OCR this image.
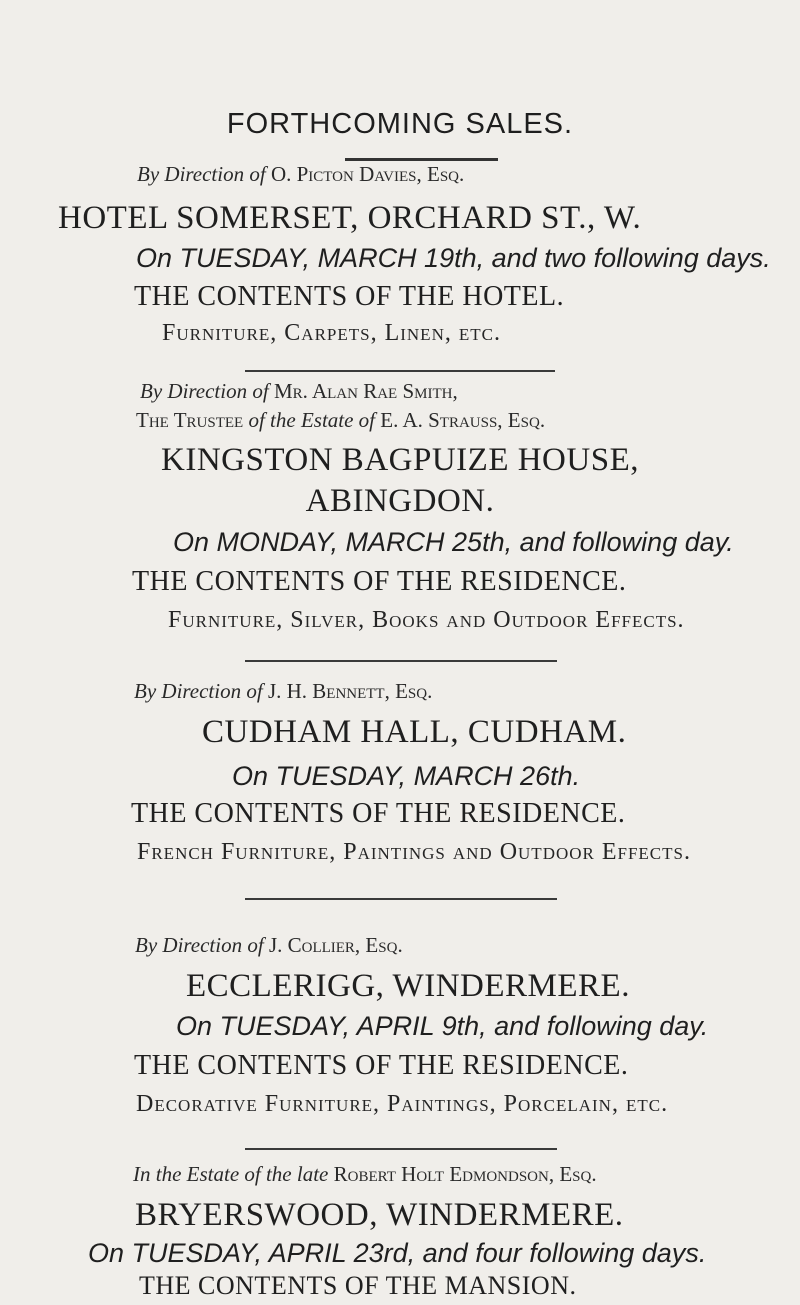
FORTHCOMING SALES.
By Direction of O. Picton Davies, Esq.
HOTEL SOMERSET, ORCHARD ST., W.
On TUESDAY, MARCH 19th, and two following days.
THE CONTENTS OF THE HOTEL.
Furniture, Carpets, Linen, etc.
By Direction of Mr. Alan Rae Smith,
The Trustee of the Estate of E. A. Strauss, Esq.
KINGSTON BAGPUIZE HOUSE,
ABINGDON.
On MONDAY, MARCH 25th, and following day.
THE CONTENTS OF THE RESIDENCE.
Furniture, Silver, Books and Outdoor Effects.
By Direction of J. H. Bennett, Esq.
CUDHAM HALL, CUDHAM.
On TUESDAY, MARCH 26th.
THE CONTENTS OF THE RESIDENCE.
French Furniture, Paintings and Outdoor Effects.
By Direction of J. Collier, Esq.
ECCLERIGG, WINDERMERE.
On TUESDAY, APRIL 9th, and following day.
THE CONTENTS OF THE RESIDENCE.
Decorative Furniture, Paintings, Porcelain, etc.
In the Estate of the late Robert Holt Edmondson, Esq.
BRYERSWOOD, WINDERMERE.
On TUESDAY, APRIL 23rd, and four following days.
THE CONTENTS OF THE MANSION.
